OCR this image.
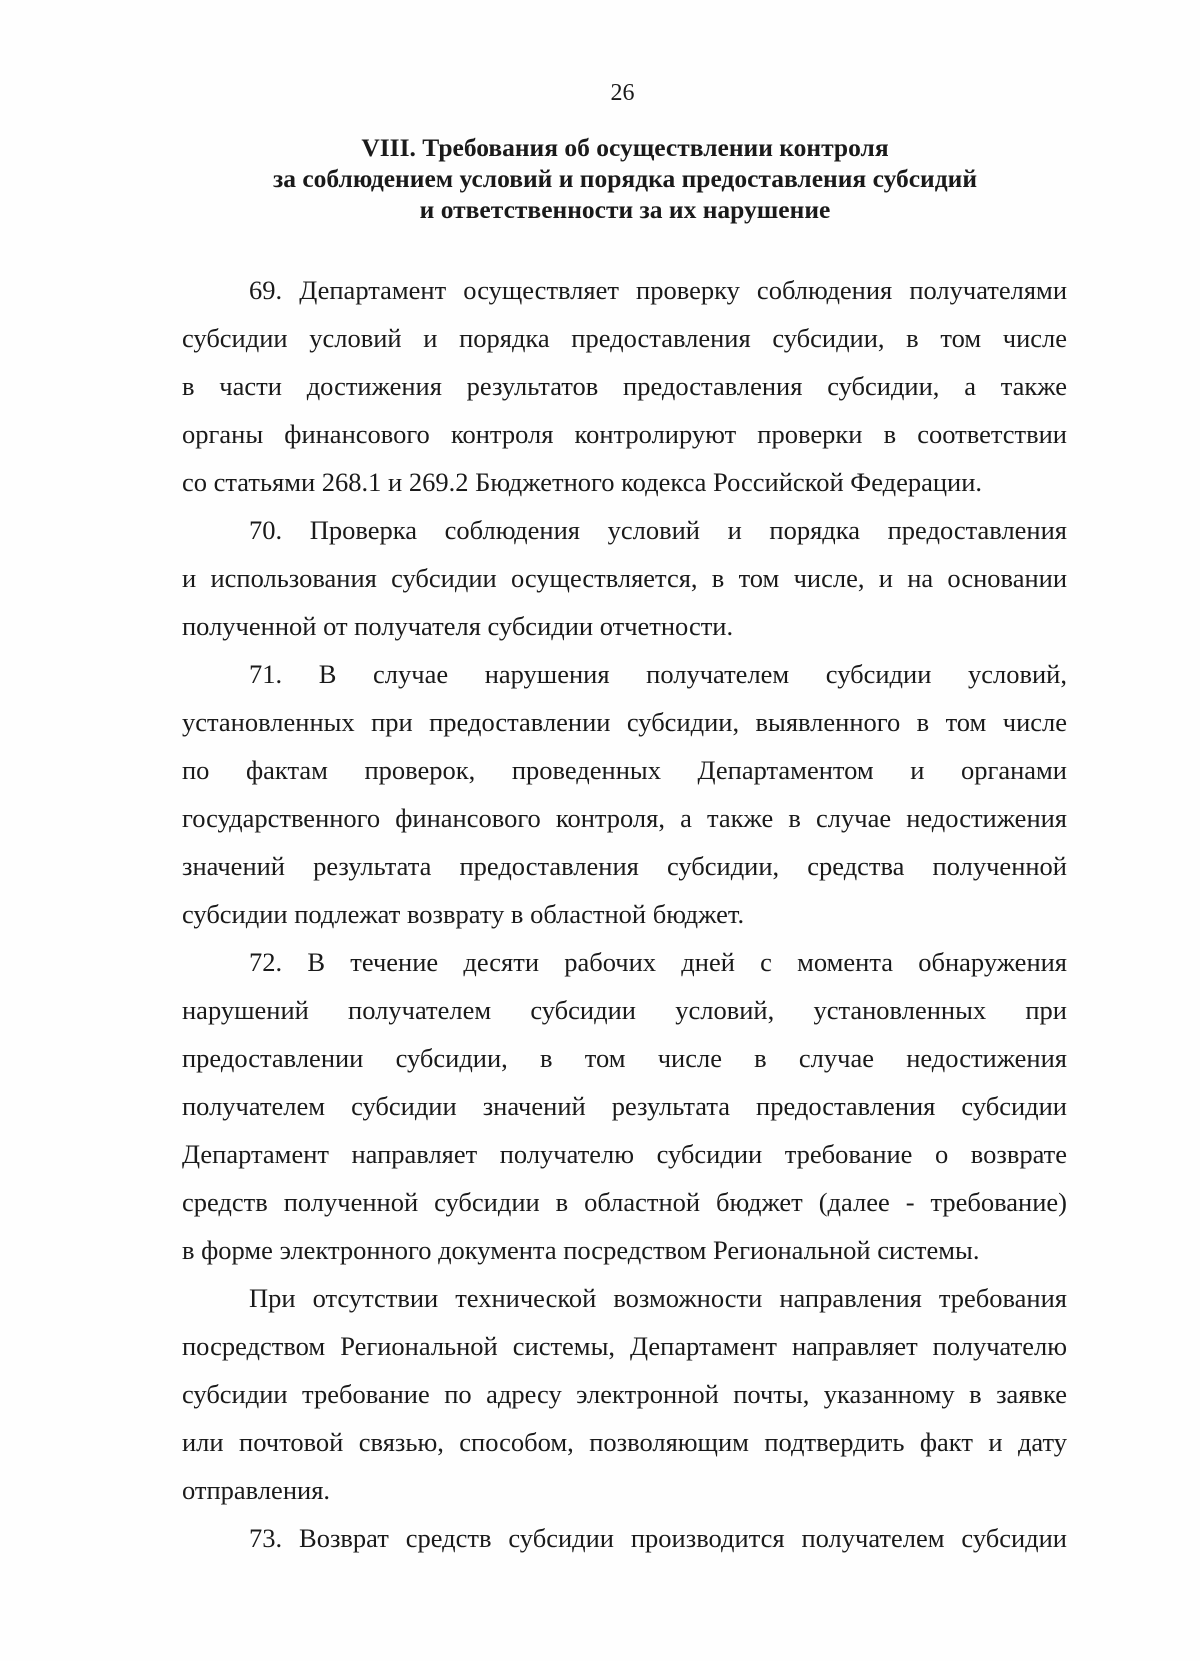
26
VIII. Требования об осуществлении контроля
за соблюдением условий и порядка предоставления субсидий
и ответственности за их нарушение
69. Департамент осуществляет проверку соблюдения получателями
субсидии условий и порядка предоставления субсидии, в том числе
в части достижения результатов предоставления субсидии, а также
органы финансового контроля контролируют проверки в соответствии
со статьями 268.1 и 269.2 Бюджетного кодекса Российской Федерации.
70. Проверка соблюдения условий и порядка предоставления
и использования субсидии осуществляется, в том числе, и на основании
полученной от получателя субсидии отчетности.
71. В случае нарушения получателем субсидии условий,
установленных при предоставлении субсидии, выявленного в том числе
по фактам проверок, проведенных Департаментом и органами
государственного финансового контроля, а также в случае недостижения
значений результата предоставления субсидии, средства полученной
субсидии подлежат возврату в областной бюджет.
72. В течение десяти рабочих дней с момента обнаружения
нарушений получателем субсидии условий, установленных при
предоставлении субсидии, в том числе в случае недостижения
получателем субсидии значений результата предоставления субсидии
Департамент направляет получателю субсидии требование о возврате
средств полученной субсидии в областной бюджет (далее - требование)
в форме электронного документа посредством Региональной системы.
При отсутствии технической возможности направления требования
посредством Региональной системы, Департамент направляет получателю
субсидии требование по адресу электронной почты, указанному в заявке
или почтовой связью, способом, позволяющим подтвердить факт и дату
отправления.
73. Возврат средств субсидии производится получателем субсидии
